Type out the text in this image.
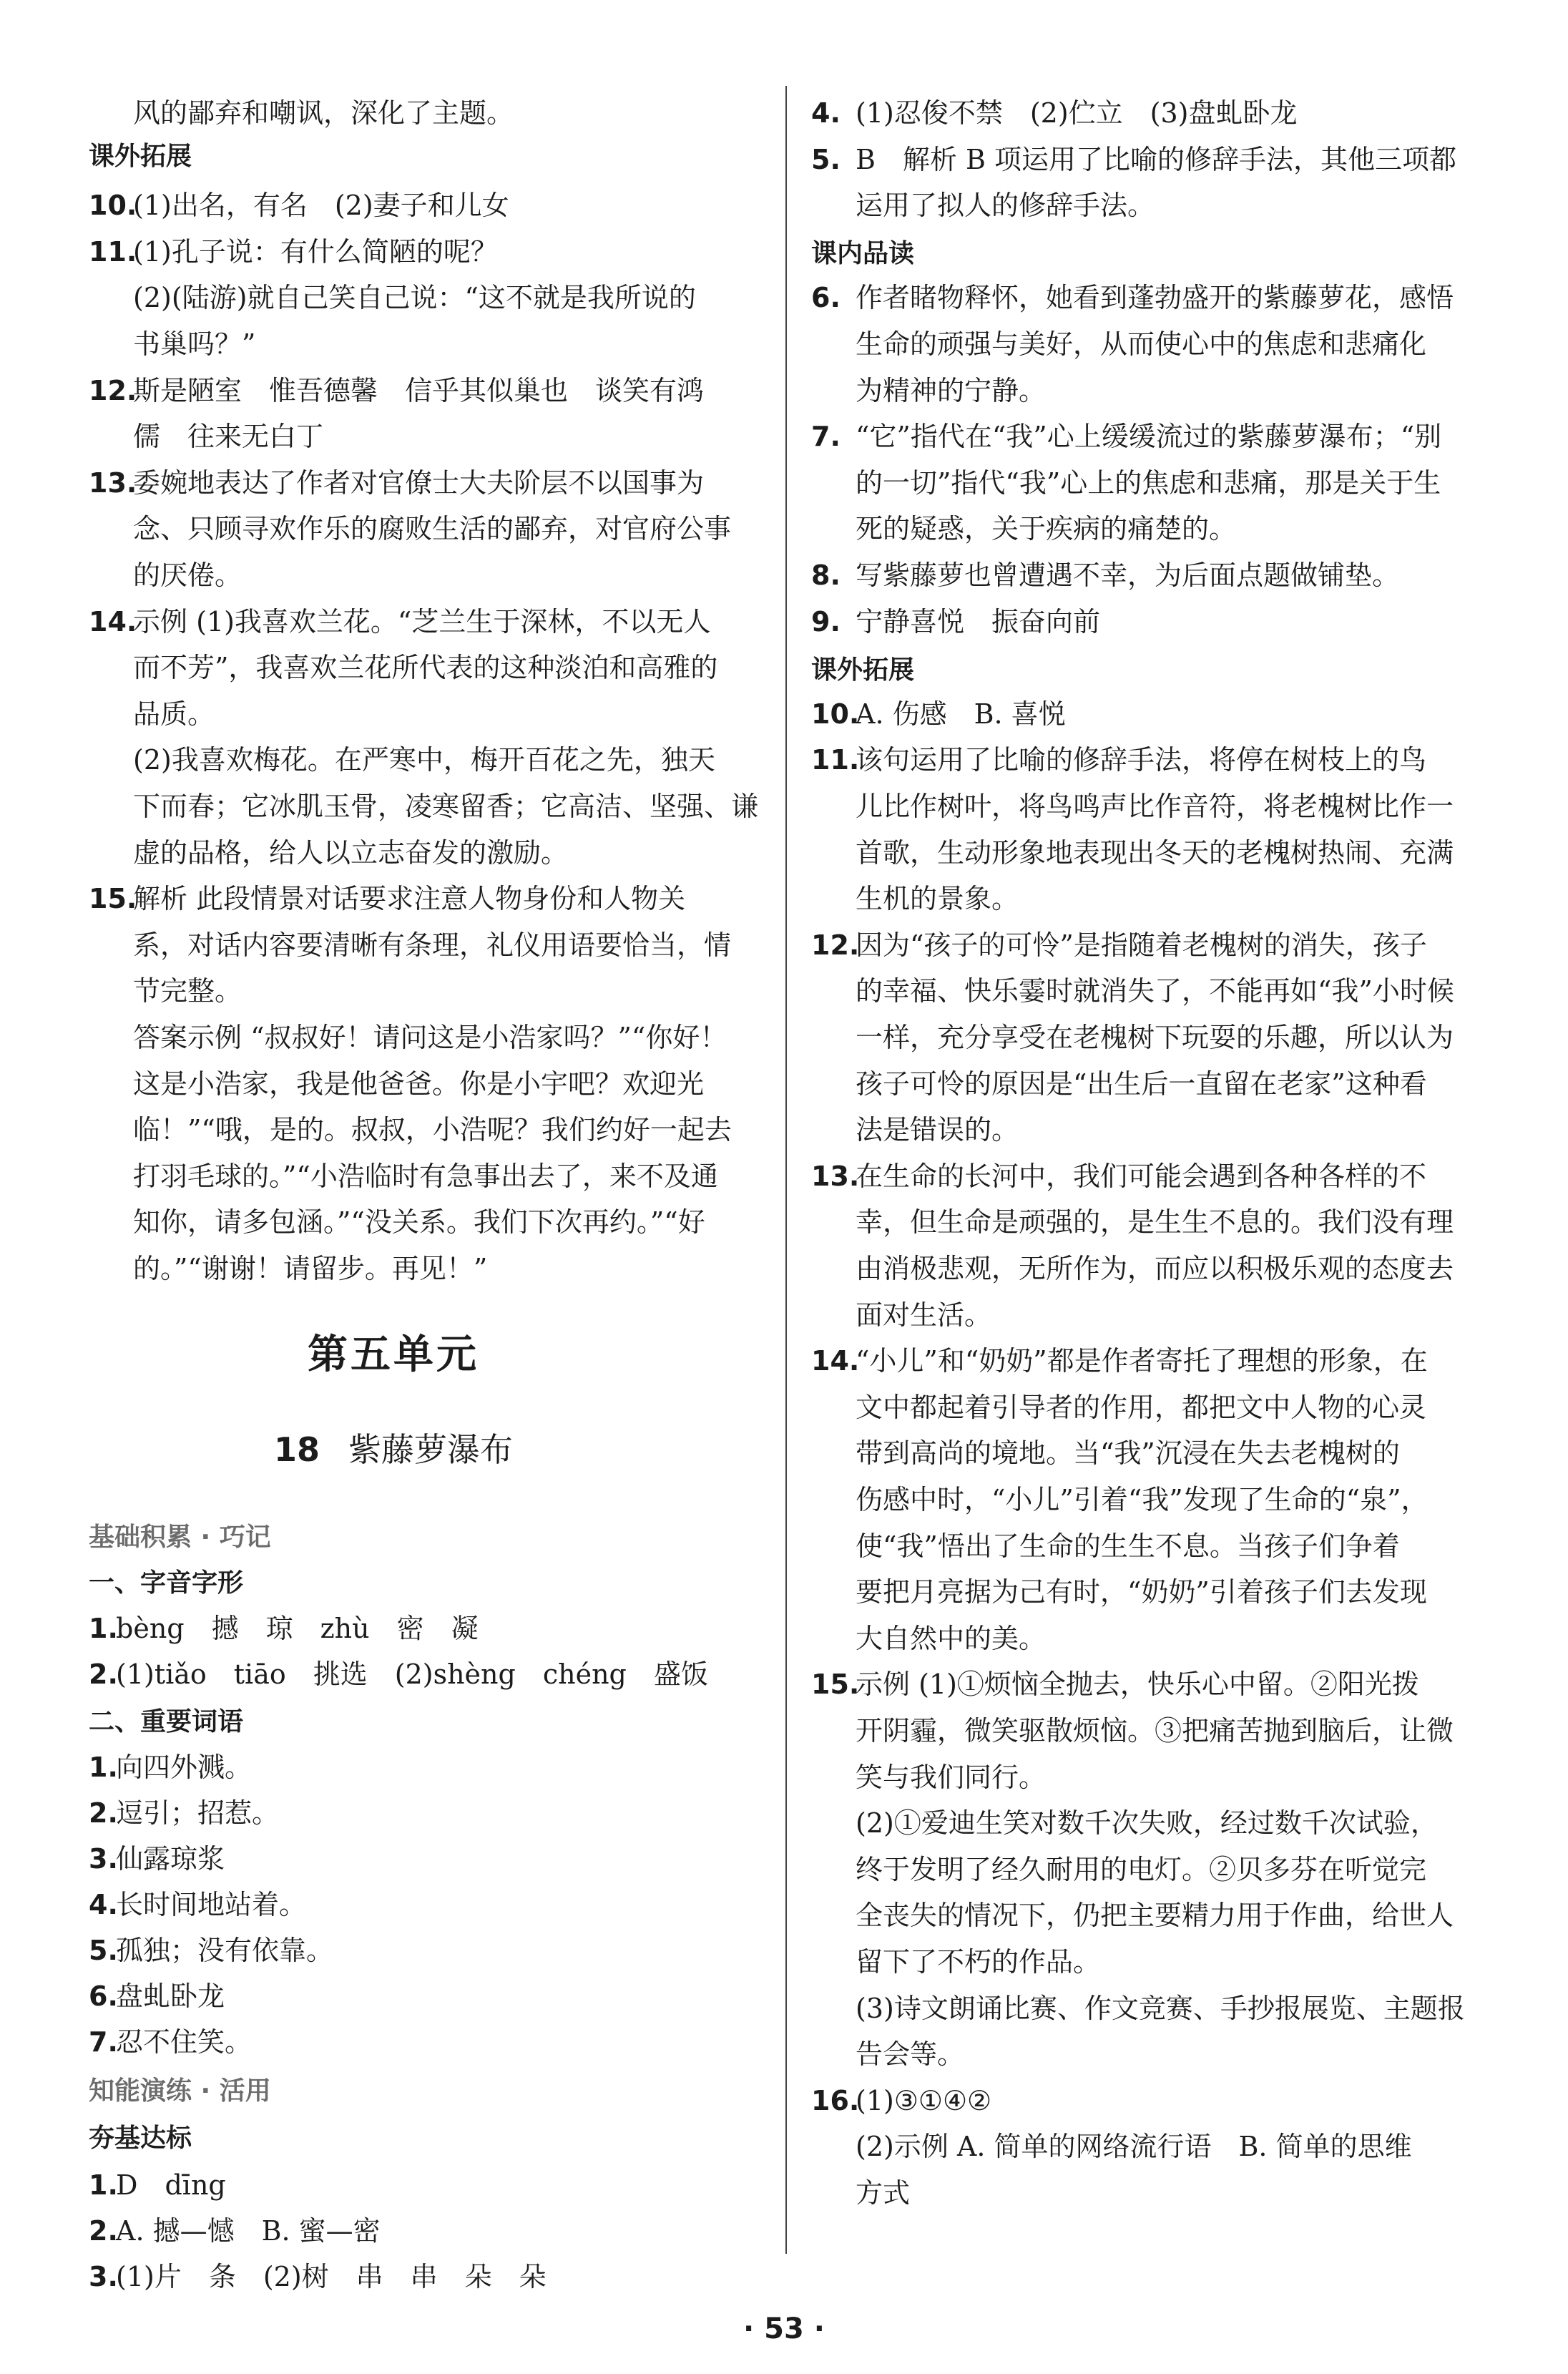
风的鄙弃和嘲讽，深化了主题。
10.(1)出名，有名　(2)妻子和儿女
11.(1)孔子说：有什么简陋的呢？
(2)(陆游)就自己笑自己说：“这不就是我所说的
书巢吗？”
12.斯是陋室　惟吾德馨　信乎其似巢也　谈笑有鸿
儒　往来无白丁
13.委婉地表达了作者对官僚士大夫阶层不以国事为
念、只顾寻欢作乐的腐败生活的鄙弃，对官府公事
的厌倦。
14.示例 (1)我喜欢兰花。“芝兰生于深林，不以无人
而不芳”，我喜欢兰花所代表的这种淡泊和高雅的
品质。
(2)我喜欢梅花。在严寒中，梅开百花之先，独天
下而春；它冰肌玉骨，凌寒留香；它高洁、坚强、谦
虚的品格，给人以立志奋发的激励。
15.解析 此段情景对话要求注意人物身份和人物关
系，对话内容要清晰有条理，礼仪用语要恰当，情
节完整。
答案示例 “叔叔好！请问这是小浩家吗？”“你好！
这是小浩家，我是他爸爸。你是小宇吧？欢迎光
临！”“哦，是的。叔叔，小浩呢？我们约好一起去
打羽毛球的。”“小浩临时有急事出去了，来不及通
知你，请多包涵。”“没关系。我们下次再约。”“好
的。”“谢谢！请留步。再见！”
1.bèng　撼　琼　zhù　密　凝
2.(1)tiǎo　tiāo　挑选　(2)shèng　chéng　盛饭
1.向四外溅。
2.逗引；招惹。
3.仙露琼浆
4.长时间地站着。
5.孤独；没有依靠。
6.盘虬卧龙
7.忍不住笑。
1.D　dīng
2.A. 撼—憾　B. 蜜—密
3.(1)片　条　(2)树　串　串　朵　朵
4. (1)忍俊不禁　(2)伫立　(3)盘虬卧龙
5. B　解析 B 项运用了比喻的修辞手法，其他三项都
运用了拟人的修辞手法。
6. 作者睹物释怀，她看到蓬勃盛开的紫藤萝花，感悟
生命的顽强与美好，从而使心中的焦虑和悲痛化
为精神的宁静。
7. “它”指代在“我”心上缓缓流过的紫藤萝瀑布；“别
的一切”指代“我”心上的焦虑和悲痛，那是关于生
死的疑惑，关于疾病的痛楚的。
8. 写紫藤萝也曾遭遇不幸，为后面点题做铺垫。
9. 宁静喜悦　振奋向前
10.A. 伤感　B. 喜悦
11.该句运用了比喻的修辞手法，将停在树枝上的鸟
儿比作树叶，将鸟鸣声比作音符，将老槐树比作一
首歌，生动形象地表现出冬天的老槐树热闹、充满
生机的景象。
12.因为“孩子的可怜”是指随着老槐树的消失，孩子
的幸福、快乐霎时就消失了，不能再如“我”小时候
一样，充分享受在老槐树下玩耍的乐趣，所以认为
孩子可怜的原因是“出生后一直留在老家”这种看
法是错误的。
13.在生命的长河中，我们可能会遇到各种各样的不
幸，但生命是顽强的，是生生不息的。我们没有理
由消极悲观，无所作为，而应以积极乐观的态度去
面对生活。
14.“小儿”和“奶奶”都是作者寄托了理想的形象，在
文中都起着引导者的作用，都把文中人物的心灵
带到高尚的境地。当“我”沉浸在失去老槐树的
伤感中时，“小儿”引着“我”发现了生命的“泉”，
使“我”悟出了生命的生生不息。当孩子们争着
要把月亮据为己有时，“奶奶”引着孩子们去发现
大自然中的美。
15.示例 (1)①烦恼全抛去，快乐心中留。②阳光拨
开阴霾，微笑驱散烦恼。③把痛苦抛到脑后，让微
笑与我们同行。
(2)①爱迪生笑对数千次失败，经过数千次试验，
终于发明了经久耐用的电灯。②贝多芬在听觉完
全丧失的情况下，仍把主要精力用于作曲，给世人
留下了不朽的作品。
(3)诗文朗诵比赛、作文竞赛、手抄报展览、主题报
告会等。
16.(1)③①④②
(2)示例 A. 简单的网络流行语　B. 简单的思维
方式
课外拓展
第五单元
18 紫藤萝瀑布
基础积累 · 巧记
一、字音字形
二、重要词语
知能演练 · 活用
夯基达标
课内品读
课外拓展
· 53 ·
